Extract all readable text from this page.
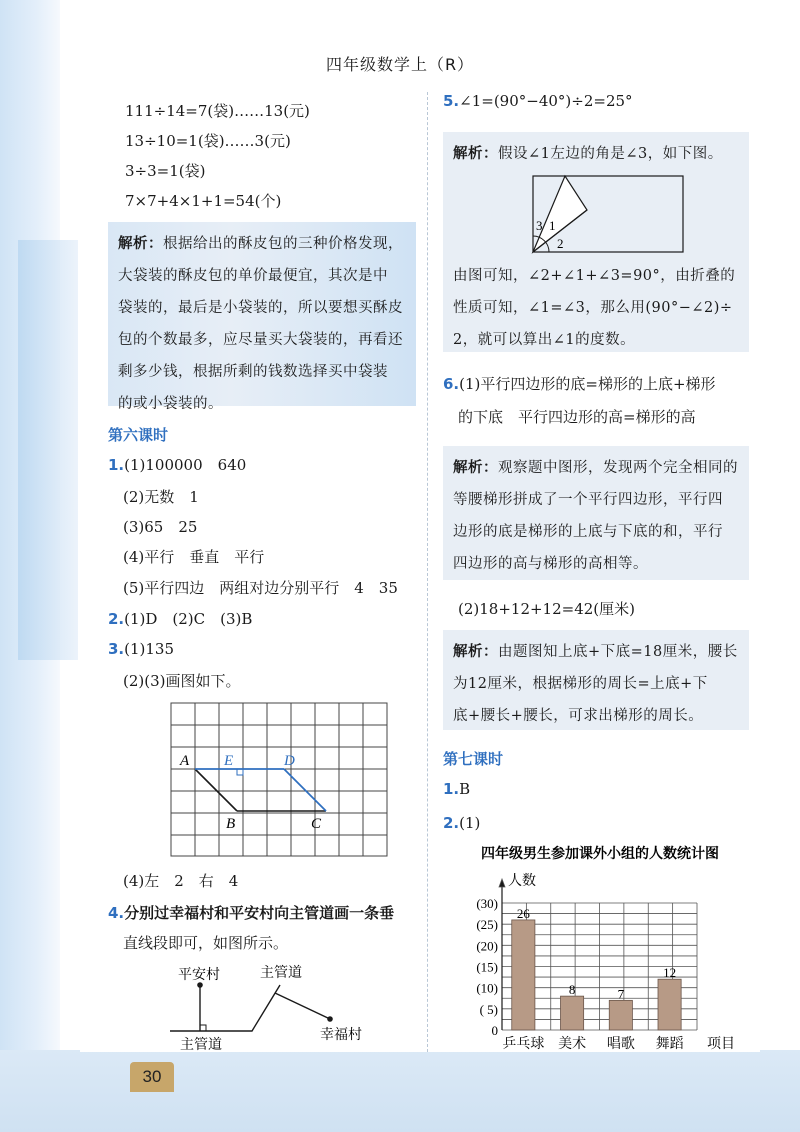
四年级数学上（R）
111÷14=7(袋)……13(元)
13÷10=1(袋)……3(元)
3÷3=1(袋)
7×7+4×1+1=54(个)

解析：根据给出的酥皮包的三种价格发现，

大袋装的酥皮包的单价最便宜，其次是中

袋装的，最后是小袋装的，所以要想买酥皮

包的个数最多，应尽量买大袋装的，再看还

剩多少钱，根据所剩的钱数选择买中袋装

的或小袋装的。

第六课时
1.(1)100000　640
(2)无数　1
(3)65　25
(4)平行　垂直　平行
(5)平行四边　两组对边分别平行　4　35
2.(1)D　(2)C　(3)B
3.(1)135
(2)(3)画图如下。
A E	D
B	C
(4)左　2　右　4
4.分别过幸福村和平安村向主管道画一条垂
直线段即可，如图所示。
平安村	主管道
主管道
幸福村
5.∠1=(90°−40°)÷2=25°

解析：假设∠1左边的角是∠3，如下图。

3 1
2

由图可知，∠2+∠1+∠3=90°，由折叠的

性质可知，∠1=∠3，那么用(90°−∠2)÷

2，就可以算出∠1的度数。

6.(1)平行四边形的底=梯形的上底+梯形
的下底　平行四边形的高=梯形的高

解析：观察题中图形，发现两个完全相同的

等腰梯形拼成了一个平行四边形，平行四

边形的底是梯形的上底与下底的和，平行

四边形的高与梯形的高相等。

(2)18+12+12=42(厘米)

解析：由题图知上底+下底=18厘米，腰长

为12厘米，根据梯形的周长=上底+下

底+腰长+腰长，可求出梯形的周长。

第七课时
1.B
2.(1)
四年级男生参加课外小组的人数统计图
人数
0
( 5)
(10)
(15)
(20)
(25)
(30)
26
乒乓球
8
美术
7
唱歌
12
舞蹈 项目
30
